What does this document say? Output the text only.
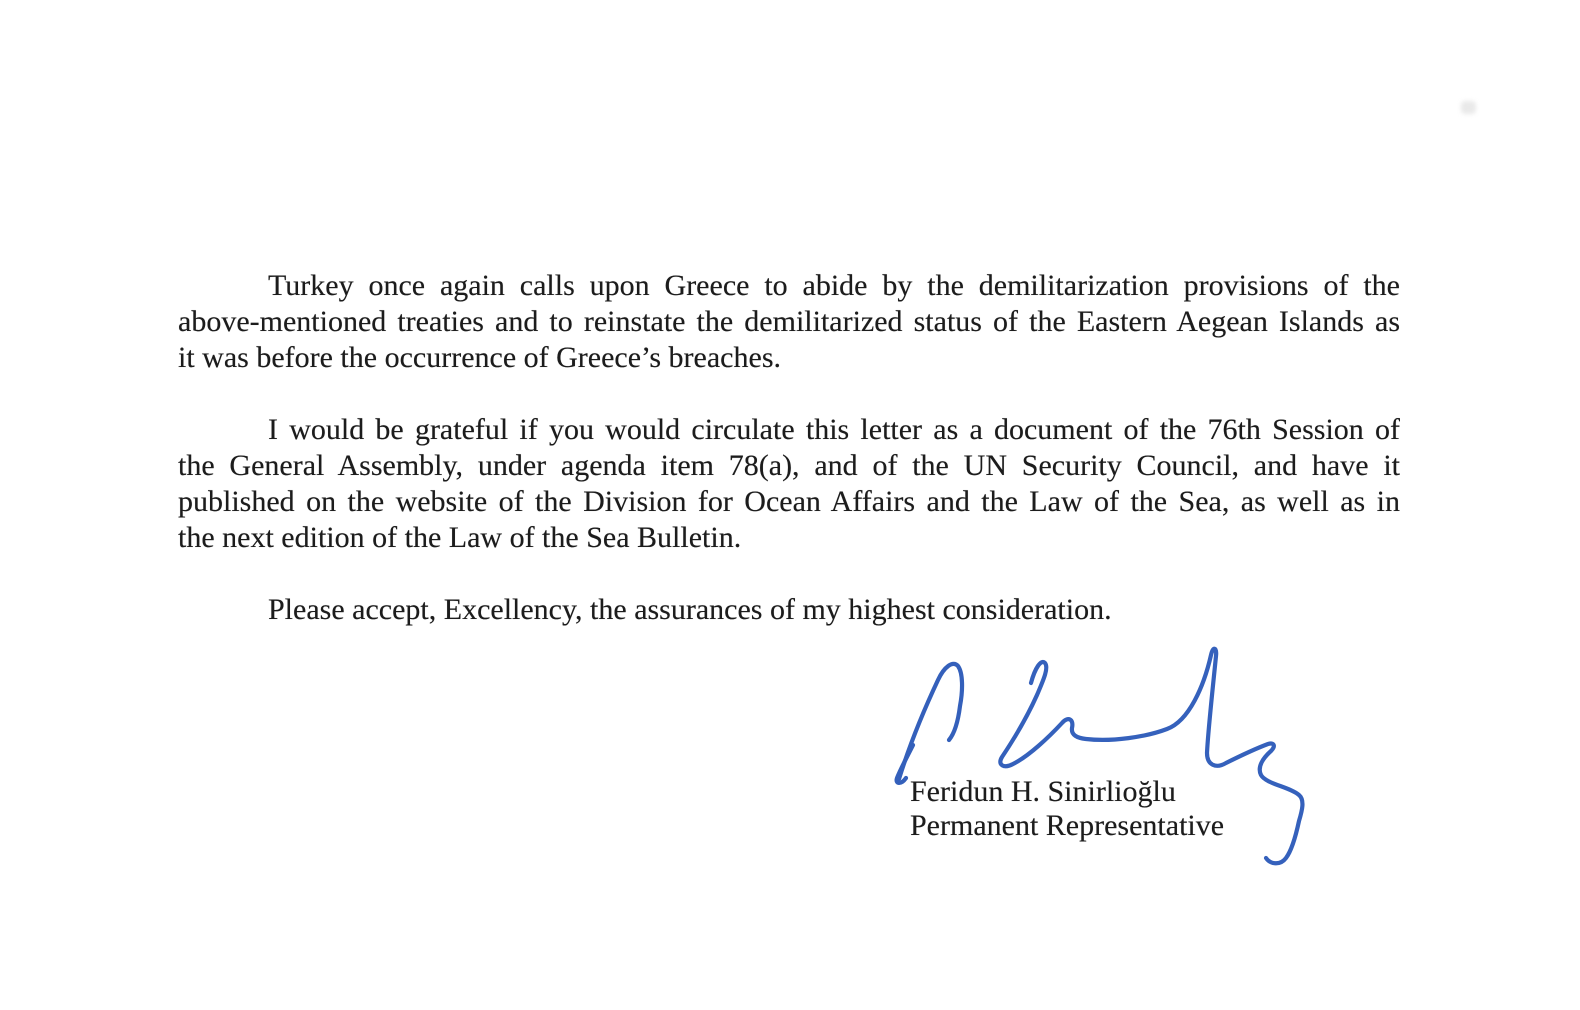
Turkey once again calls upon Greece to abide by the demilitarization provisions of the
above-mentioned treaties and to reinstate the demilitarized status of the Eastern Aegean Islands as
it was before the occurrence of Greece’s breaches.
I would be grateful if you would circulate this letter as a document of the 76th Session of
the General Assembly, under agenda item 78(a), and of the UN Security Council, and have it
published on the website of the Division for Ocean Affairs and the Law of the Sea, as well as in
the next edition of the Law of the Sea Bulletin.
Please accept, Excellency, the assurances of my highest consideration.
Feridun H. Sinirlioğlu
Permanent Representative
